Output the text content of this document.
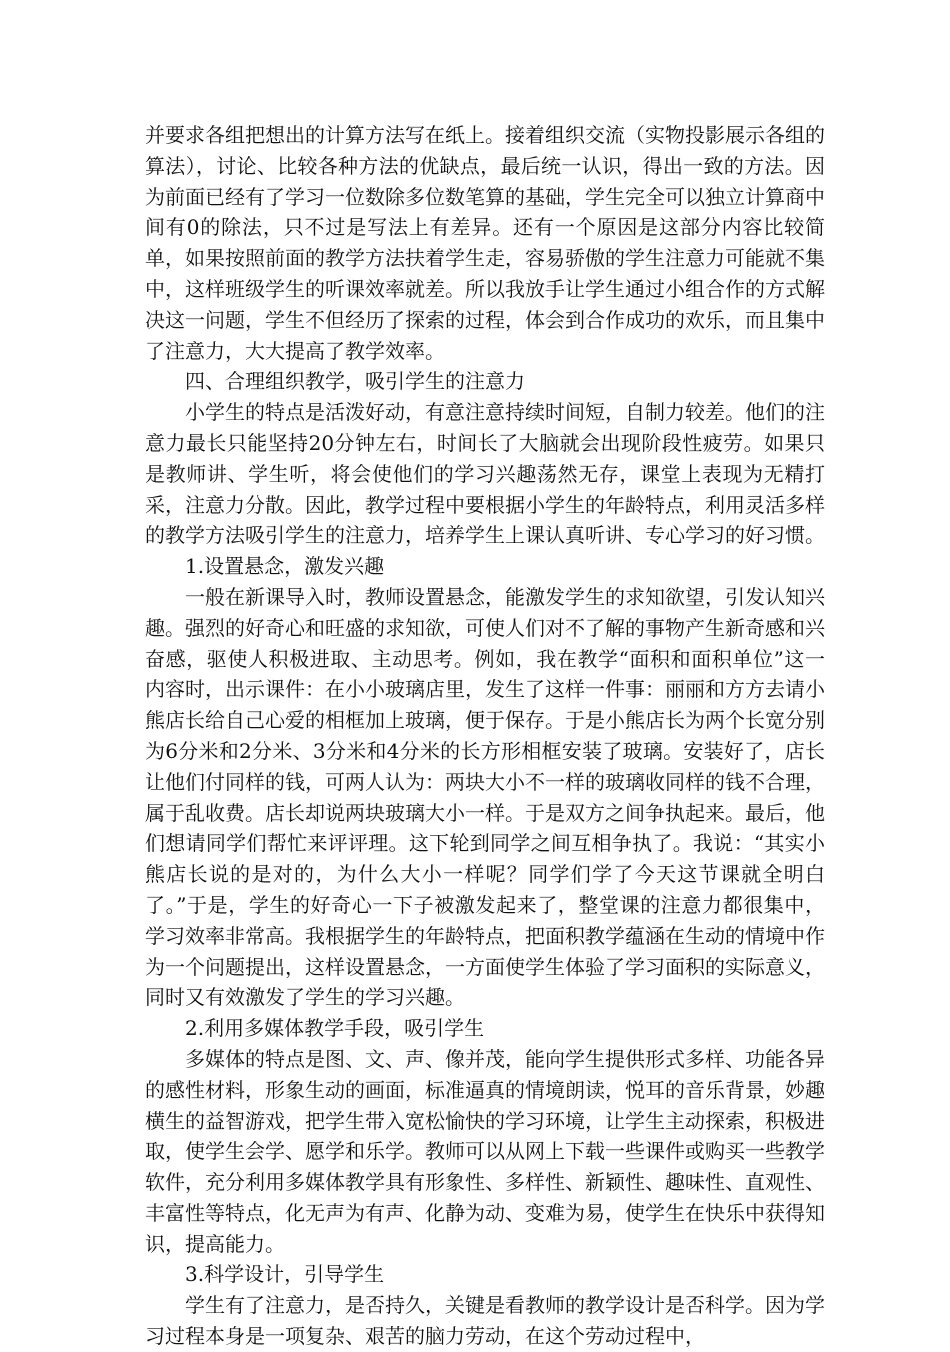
并要求各组把想出的计算方法写在纸上。接着组织交流（实物投影展示各组的算法），讨论、比较各种方法的优缺点，最后统一认识，得出一致的方法。因为前面已经有了学习一位数除多位数笔算的基础，学生完全可以独立计算商中间有0的除法，只不过是写法上有差异。还有一个原因是这部分内容比较简单，如果按照前面的教学方法扶着学生走，容易骄傲的学生注意力可能就不集中，这样班级学生的听课效率就差。所以我放手让学生通过小组合作的方式解决这一问题，学生不但经历了探索的过程，体会到合作成功的欢乐，而且集中了注意力，大大提高了教学效率。

四、合理组织教学，吸引学生的注意力

小学生的特点是活泼好动，有意注意持续时间短，自制力较差。他们的注意力最长只能坚持20分钟左右，时间长了大脑就会出现阶段性疲劳。如果只是教师讲、学生听，将会使他们的学习兴趣荡然无存，课堂上表现为无精打采，注意力分散。因此，教学过程中要根据小学生的年龄特点，利用灵活多样的教学方法吸引学生的注意力，培养学生上课认真听讲、专心学习的好习惯。

1.设置悬念，激发兴趣

一般在新课导入时，教师设置悬念，能激发学生的求知欲望，引发认知兴趣。强烈的好奇心和旺盛的求知欲，可使人们对不了解的事物产生新奇感和兴奋感，驱使人积极进取、主动思考。例如，我在教学“面积和面积单位”这一内容时，出示课件：在小小玻璃店里，发生了这样一件事：丽丽和方方去请小熊店长给自己心爱的相框加上玻璃，便于保存。于是小熊店长为两个长宽分别为6分米和2分米、3分米和4分米的长方形相框安装了玻璃。安装好了，店长让他们付同样的钱，可两人认为：两块大小不一样的玻璃收同样的钱不合理，属于乱收费。店长却说两块玻璃大小一样。于是双方之间争执起来。最后，他们想请同学们帮忙来评评理。这下轮到同学之间互相争执了。我说：“其实小熊店长说的是对的，为什么大小一样呢？同学们学了今天这节课就全明白了。”于是，学生的好奇心一下子被激发起来了，整堂课的注意力都很集中，学习效率非常高。我根据学生的年龄特点，把面积教学蕴涵在生动的情境中作为一个问题提出，这样设置悬念，一方面使学生体验了学习面积的实际意义，同时又有效激发了学生的学习兴趣。

2.利用多媒体教学手段，吸引学生

多媒体的特点是图、文、声、像并茂，能向学生提供形式多样、功能各异的感性材料，形象生动的画面，标准逼真的情境朗读，悦耳的音乐背景，妙趣横生的益智游戏，把学生带入宽松愉快的学习环境，让学生主动探索，积极进取，使学生会学、愿学和乐学。教师可以从网上下载一些课件或购买一些教学软件，充分利用多媒体教学具有形象性、多样性、新颖性、趣味性、直观性、丰富性等特点，化无声为有声、化静为动、变难为易，使学生在快乐中获得知识，提高能力。

3.科学设计，引导学生

学生有了注意力，是否持久，关键是看教师的教学设计是否科学。因为学习过程本身是一项复杂、艰苦的脑力劳动，在这个劳动过程中，
